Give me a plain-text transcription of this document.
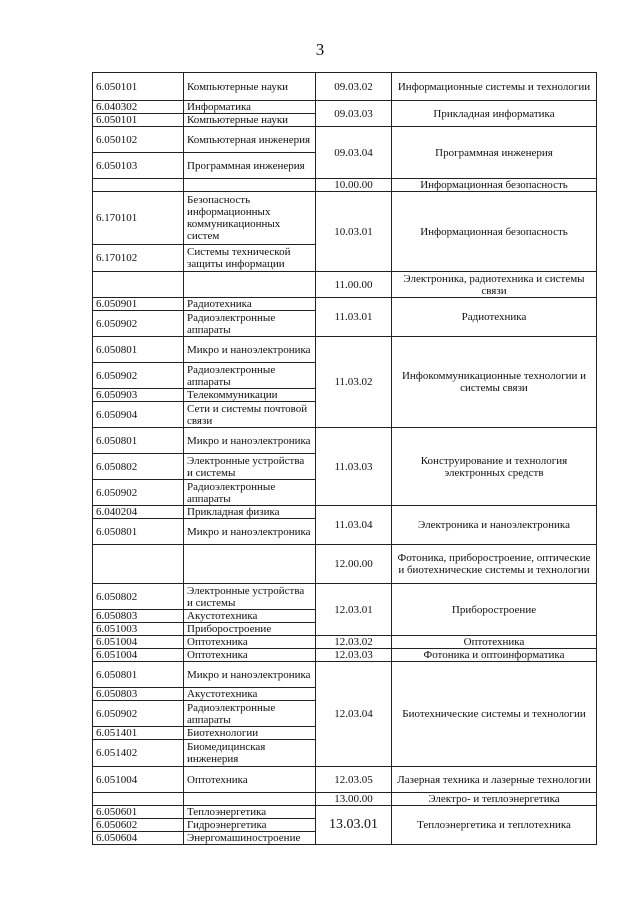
3
6.050101	Компьютерные науки	09.03.02	Информационные системы и технологии
6.040302	Информатика	09.03.03	Прикладная информатика
6.050101	Компьютерные науки		
6.050102	Компьютерная инженерия	09.03.04	Программная инженерия
6.050103	Программная инженерия		
		10.00.00	Информационная безопасность
6.170101	Безопасность информационных коммуникационных систем	10.03.01	Информационная безопасность
6.170102	Системы технической защиты информации		
		11.00.00	Электроника, радиотехника и системы связи
6.050901	Радиотехника	11.03.01	Радиотехника
6.050902	Радиоэлектронные аппараты		
6.050801	Микро и наноэлектроника	11.03.02	Инфокоммуникационные технологии и системы связи
6.050902	Радиоэлектронные аппараты		
6.050903	Телекоммуникации		
6.050904	Сети и системы почтовой связи		
6.050801	Микро и наноэлектроника	11.03.03	Конструирование и технология электронных средств
6.050802	Электронные устройства и системы		
6.050902	Радиоэлектронные аппараты		
6.040204	Прикладная физика	11.03.04	Электроника и наноэлектроника
6.050801	Микро и наноэлектроника		
		12.00.00	Фотоника, приборостроение, оптические и биотехнические системы и технологии
6.050802	Электронные устройства и системы	12.03.01	Приборостроение
6.050803	Акустотехника		
6.051003	Приборостроение		
6.051004	Оптотехника	12.03.02	Оптотехника
6.051004	Оптотехника	12.03.03	Фотоника и оптоинформатика
6.050801	Микро и наноэлектроника	12.03.04	Биотехнические системы и технологии
6.050803	Акустотехника		
6.050902	Радиоэлектронные аппараты		
6.051401	Биотехнологии		
6.051402	Биомедицинская инженерия		
6.051004	Оптотехника	12.03.05	Лазерная техника и лазерные технологии
		13.00.00	Электро- и теплоэнергетика
6.050601	Теплоэнергетика	13.03.01	Теплоэнергетика и теплотехника
6.050602	Гидроэнергетика		
6.050604	Энергомашиностроение		
